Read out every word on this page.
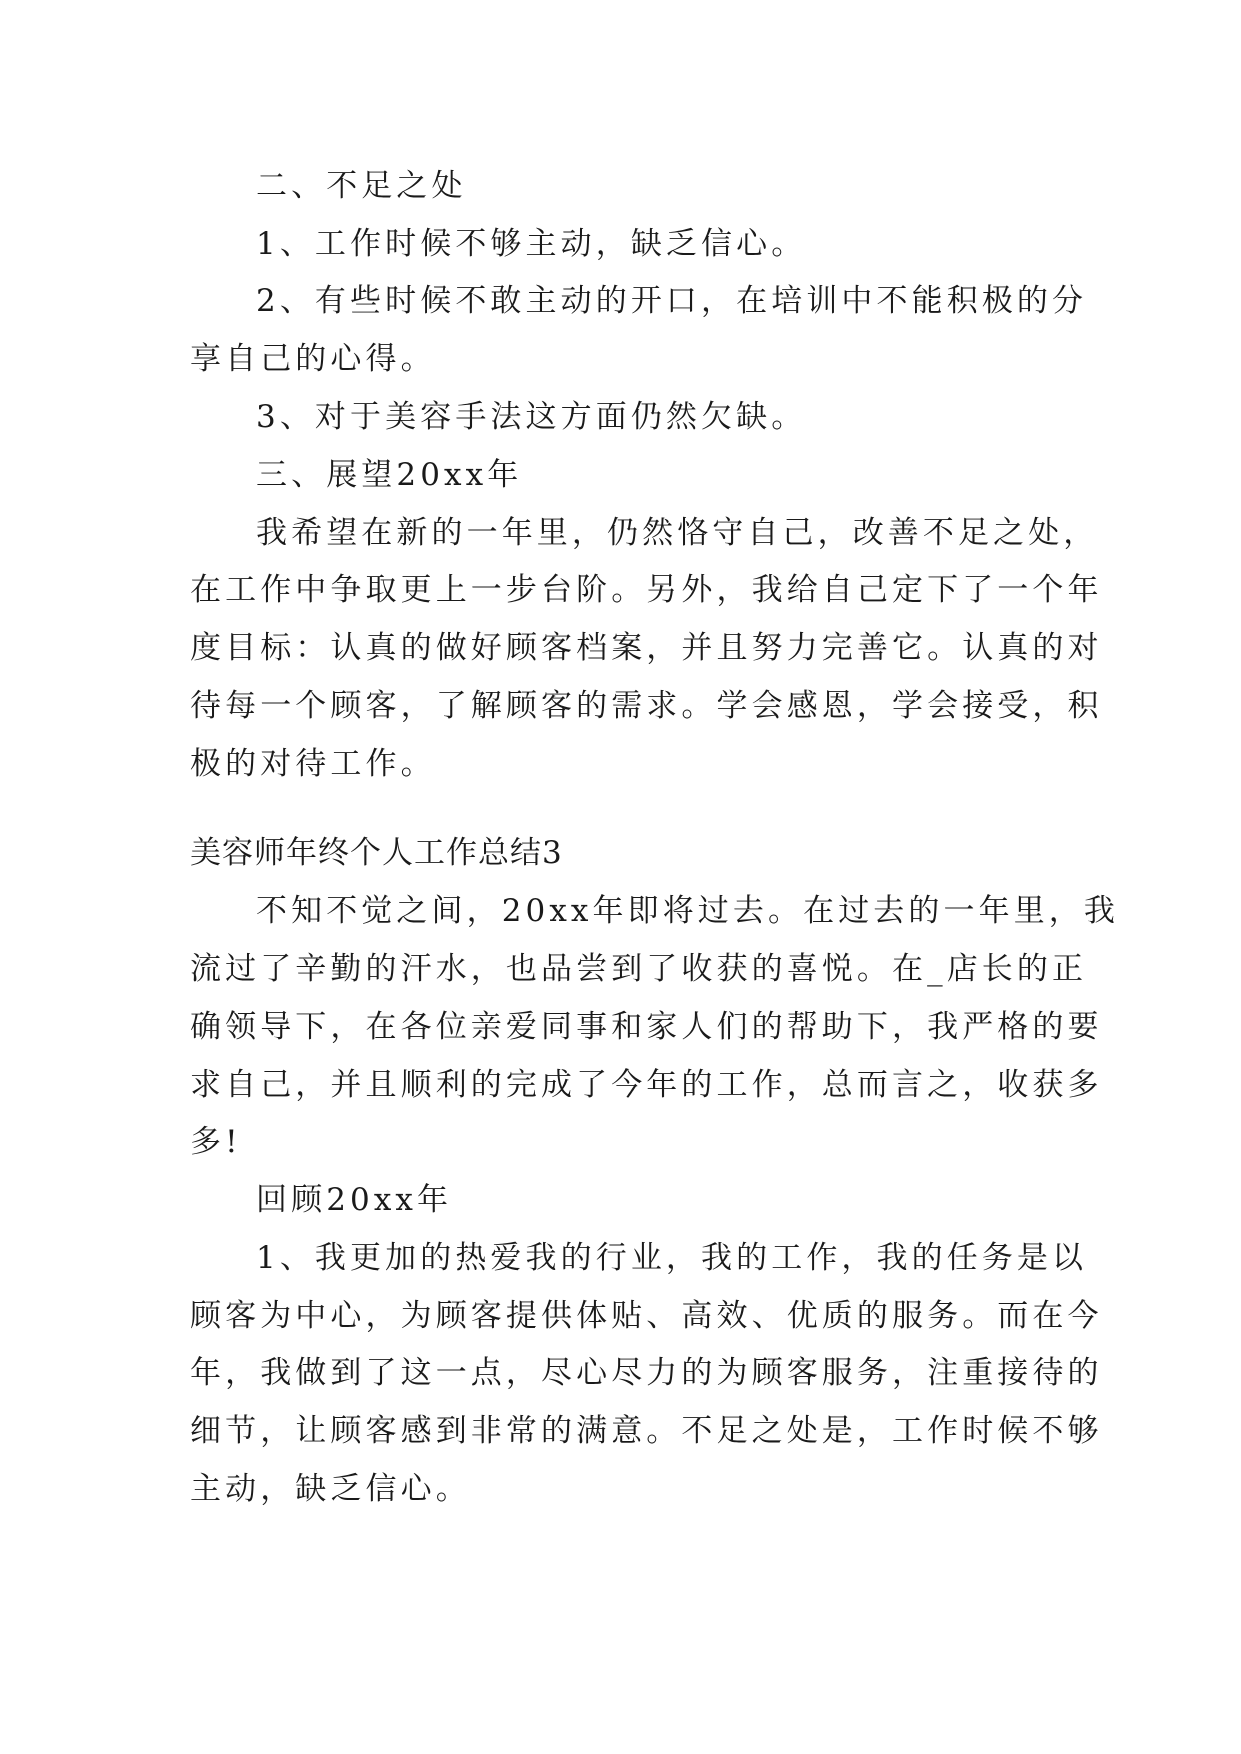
二、不足之处
1、工作时候不够主动，缺乏信心。
2、有些时候不敢主动的开口，在培训中不能积极的分
享自己的心得。
3、对于美容手法这方面仍然欠缺。
三、展望20xx年
我希望在新的一年里，仍然恪守自己，改善不足之处，
在工作中争取更上一步台阶。另外，我给自己定下了一个年
度目标：认真的做好顾客档案，并且努力完善它。认真的对
待每一个顾客，了解顾客的需求。学会感恩，学会接受，积
极的对待工作。
美容师年终个人工作总结3
不知不觉之间，20xx年即将过去。在过去的一年里，我
流过了辛勤的汗水，也品尝到了收获的喜悦。在_店长的正
确领导下，在各位亲爱同事和家人们的帮助下，我严格的要
求自己，并且顺利的完成了今年的工作，总而言之，收获多
多!
回顾20xx年
1、我更加的热爱我的行业，我的工作，我的任务是以
顾客为中心，为顾客提供体贴、高效、优质的服务。而在今
年，我做到了这一点，尽心尽力的为顾客服务，注重接待的
细节，让顾客感到非常的满意。不足之处是，工作时候不够
主动，缺乏信心。
